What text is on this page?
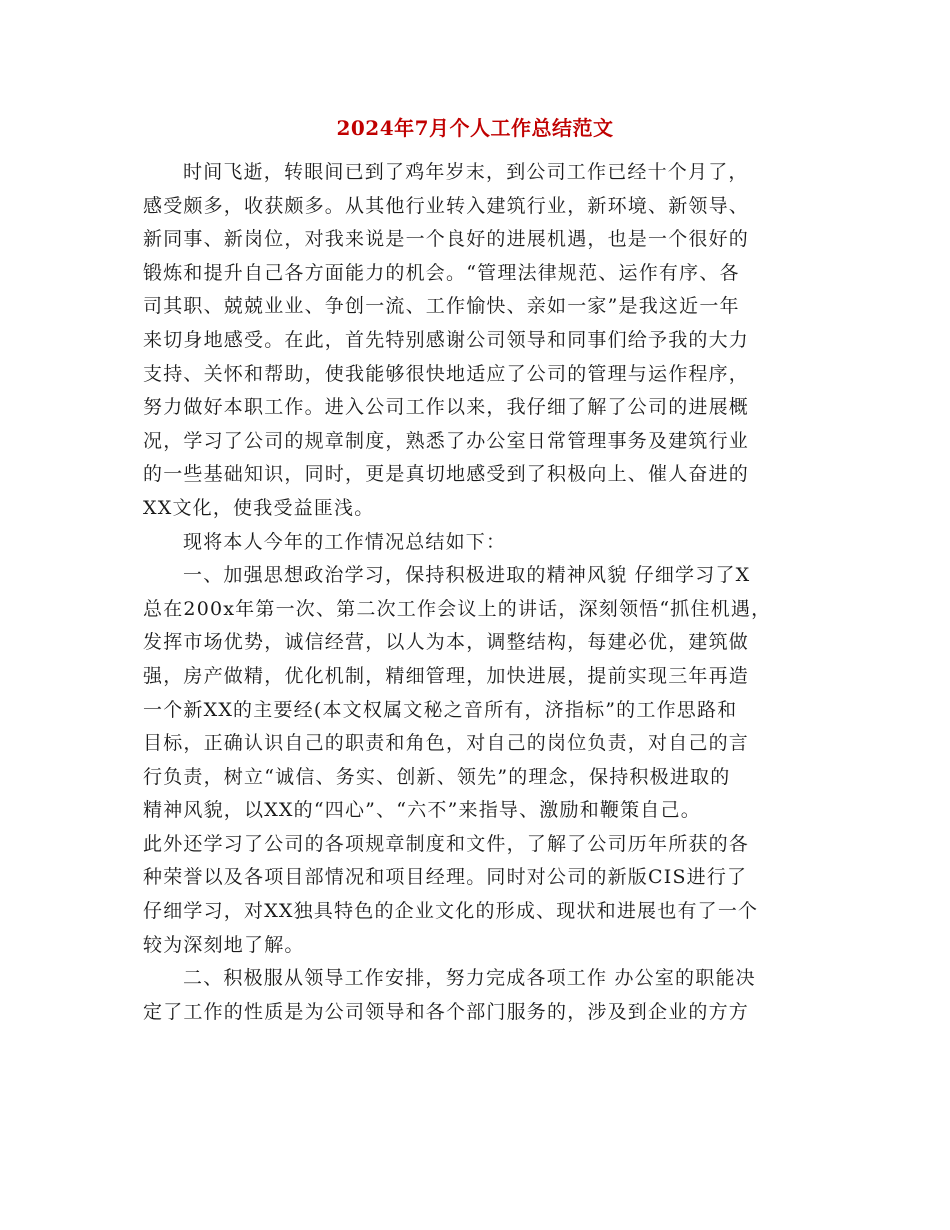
2024年7月个人工作总结范文
时间飞逝，转眼间已到了鸡年岁末，到公司工作已经十个月了，
感受颇多，收获颇多。从其他行业转入建筑行业，新环境、新领导、
新同事、新岗位，对我来说是一个良好的进展机遇，也是一个很好的
锻炼和提升自己各方面能力的机会。“管理法律规范、运作有序、各
司其职、兢兢业业、争创一流、工作愉快、亲如一家”是我这近一年
来切身地感受。在此，首先特别感谢公司领导和同事们给予我的大力
支持、关怀和帮助，使我能够很快地适应了公司的管理与运作程序，
努力做好本职工作。进入公司工作以来，我仔细了解了公司的进展概
况，学习了公司的规章制度，熟悉了办公室日常管理事务及建筑行业
的一些基础知识，同时，更是真切地感受到了积极向上、催人奋进的
XX文化，使我受益匪浅。
现将本人今年的工作情况总结如下：
一、加强思想政治学习，保持积极进取的精神风貌 仔细学习了X
总在200x年第一次、第二次工作会议上的讲话，深刻领悟“抓住机遇，
发挥市场优势，诚信经营，以人为本，调整结构，每建必优，建筑做
强，房产做精，优化机制，精细管理，加快进展，提前实现三年再造
一个新XX的主要经(本文权属文秘之音所有，济指标”的工作思路和
目标，正确认识自己的职责和角色，对自己的岗位负责，对自己的言
行负责，树立“诚信、务实、创新、领先”的理念，保持积极进取的
精神风貌，以XX的“四心”、“六不”来指导、激励和鞭策自己。
此外还学习了公司的各项规章制度和文件，了解了公司历年所获的各
种荣誉以及各项目部情况和项目经理。同时对公司的新版CIS进行了
仔细学习，对XX独具特色的企业文化的形成、现状和进展也有了一个
较为深刻地了解。
二、积极服从领导工作安排，努力完成各项工作 办公室的职能决
定了工作的性质是为公司领导和各个部门服务的，涉及到企业的方方
